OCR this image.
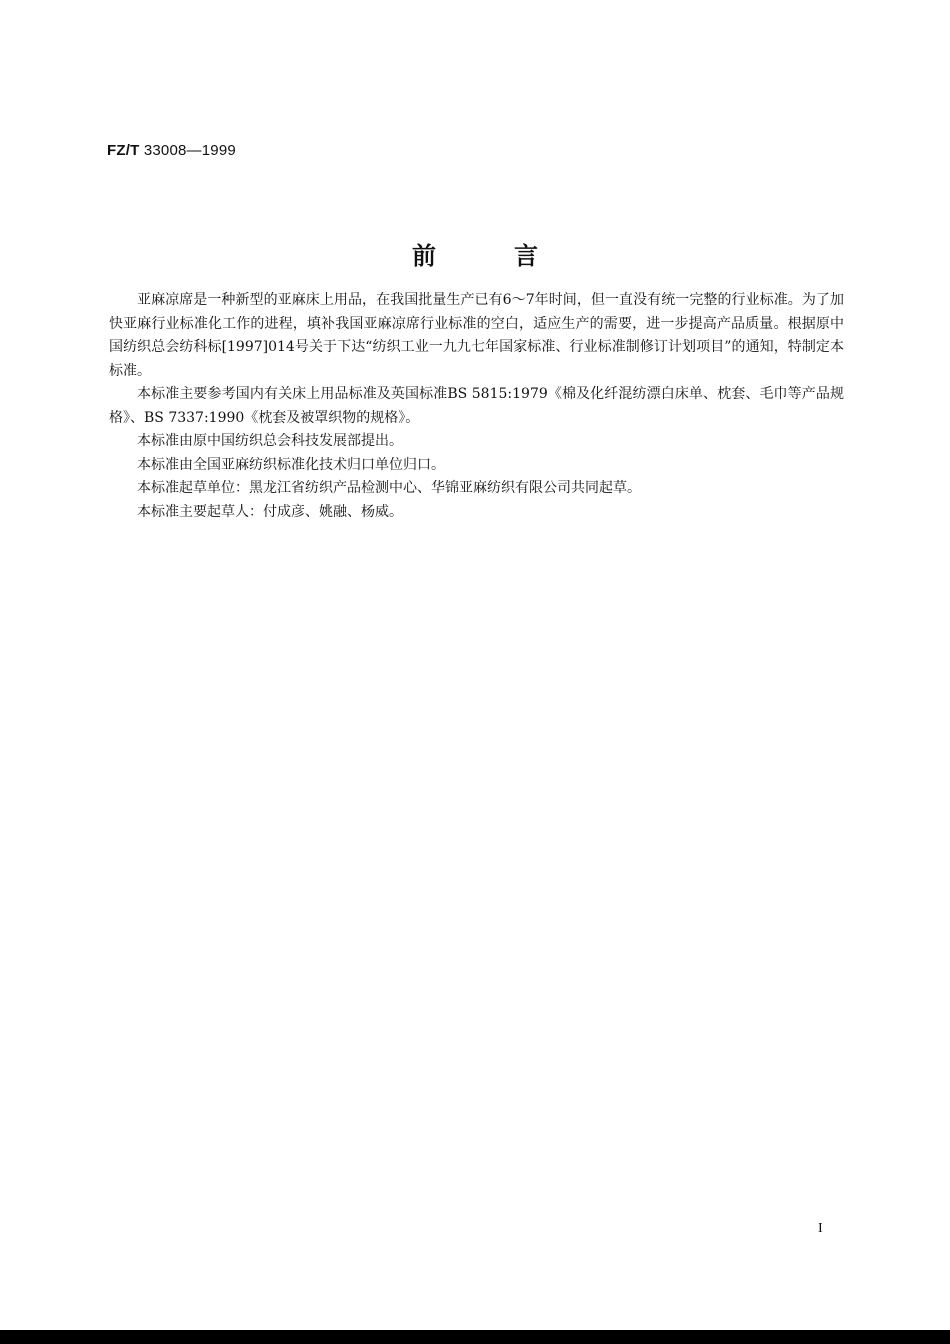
FZ/T 33008—1999
前言

亚麻凉席是一种新型的亚麻床上用品，在我国批量生产已有6～7年时间，但一直没有统一完整的行业标准。为了加快亚麻行业标准化工作的进程，填补我国亚麻凉席行业标准的空白，适应生产的需要，进一步提高产品质量。根据原中国纺织总会纺科标[1997]014号关于下达“纺织工业一九九七年国家标准、行业标准制修订计划项目”的通知，特制定本标准。

本标准主要参考国内有关床上用品标准及英国标准BS 5815:1979《棉及化纤混纺漂白床单、枕套、毛巾等产品规格》、BS 7337:1990《枕套及被罩织物的规格》。

本标准由原中国纺织总会科技发展部提出。

本标准由全国亚麻纺织标准化技术归口单位归口。

本标准起草单位：黑龙江省纺织产品检测中心、华锦亚麻纺织有限公司共同起草。

本标准主要起草人：付成彦、姚融、杨威。

I
